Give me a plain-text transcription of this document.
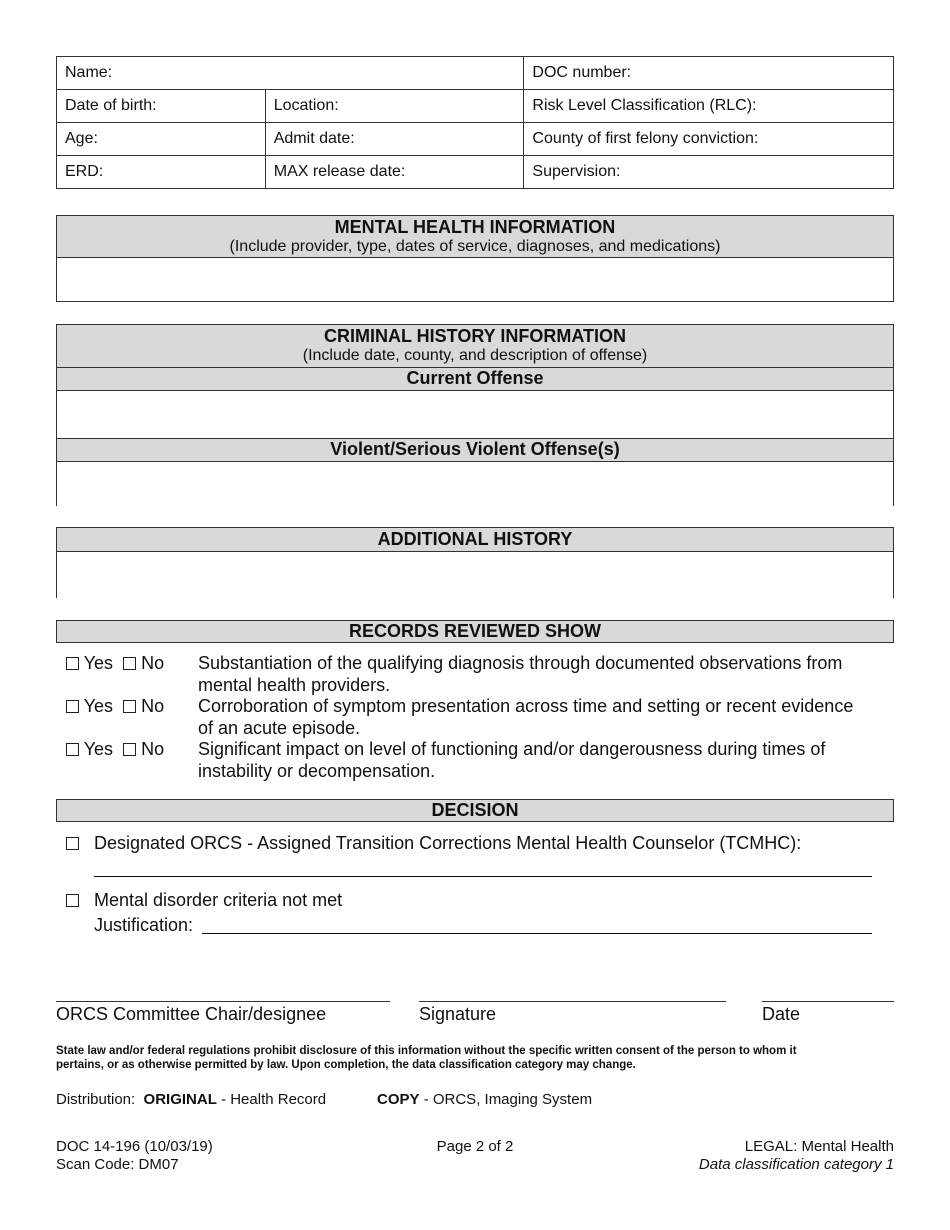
Name:		DOC number:
Date of birth:	Location:	Risk Level Classification (RLC):
Age:	Admit date:	County of first felony conviction:
ERD:	MAX release date:	Supervision:
MENTAL HEALTH INFORMATION
(Include provider, type, dates of service, diagnoses, and medications)
CRIMINAL HISTORY INFORMATION
(Include date, county, and description of offense)
Current Offense
Violent/Serious Violent Offense(s)
ADDITIONAL HISTORY
RECORDS REVIEWED SHOW
Yes No Substantiation of the qualifying diagnosis through documented observations from
mental health providers.
Yes No Corroboration of symptom presentation across time and setting or recent evidence
of an acute episode.
Yes No Significant impact on level of functioning and/or dangerousness during times of
instability or decompensation.
DECISION
Designated ORCS - Assigned Transition Corrections Mental Health Counselor (TCMHC):
Mental disorder criteria not met
Justification:
ORCS Committee Chair/designee	Signature	Date
State law and/or federal regulations prohibit disclosure of this information without the specific written consent of the person to whom it
pertains, or as otherwise permitted by law. Upon completion, the data classification category may change.
Distribution: ORIGINAL - Health Record	COPY - ORCS, Imaging System
DOC 14-196 (10/03/19)
Scan Code: DM07
Page 2 of 2	LEGAL: Mental Health
Data classification category 1
